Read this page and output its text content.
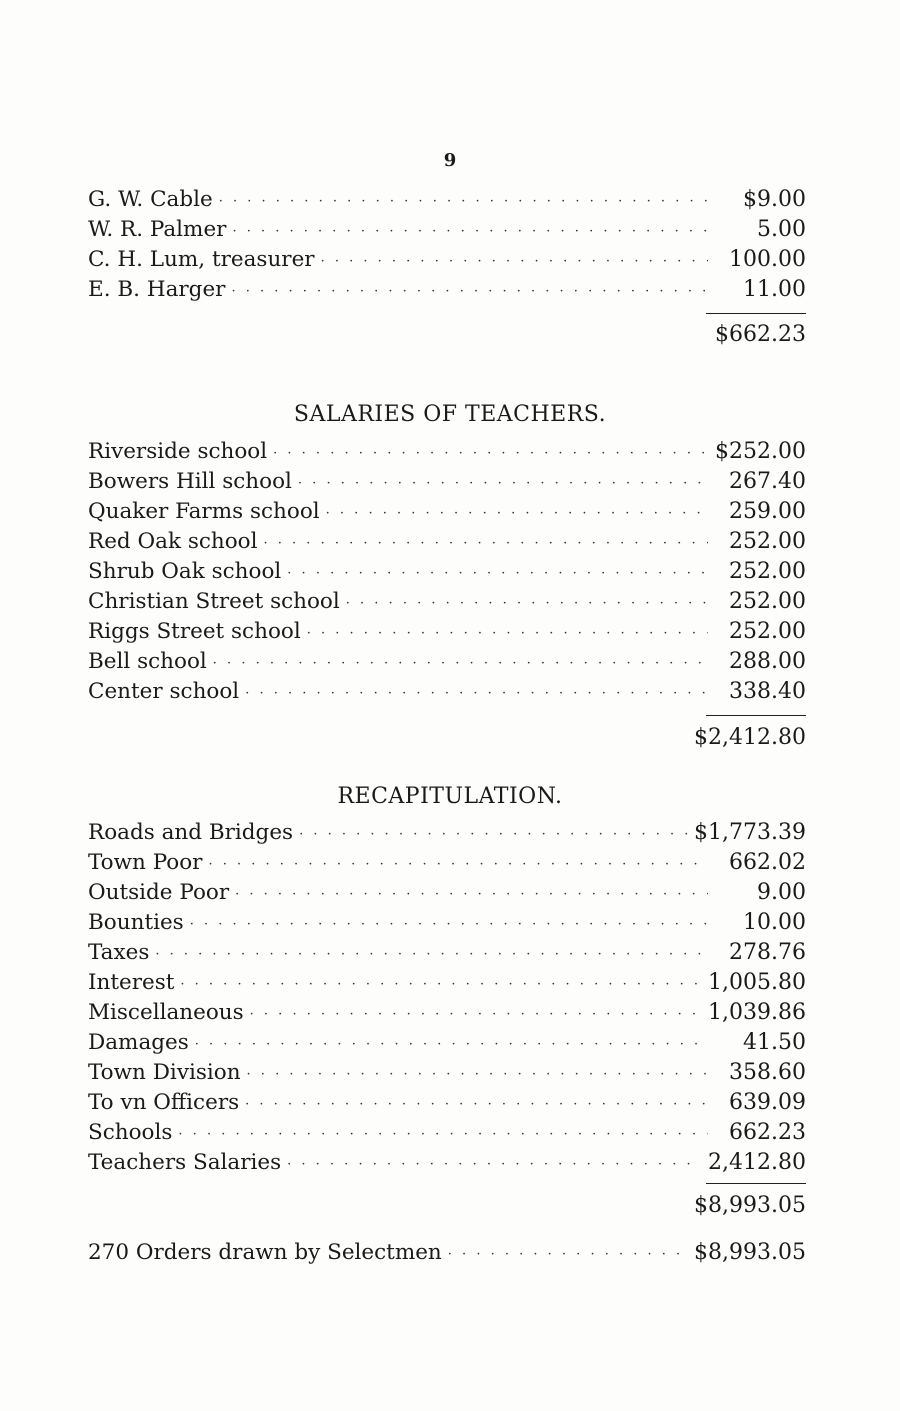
9
G. W. Cable · · ·	$9.00
W. R. Palmer · · ·	5.00
C. H. Lum, treasurer · · ·	100.00
E. B. Harger · · ·	11.00
$662.23
SALARIES OF TEACHERS.
Riverside school · · ·	$252.00
Bowers Hill school · · ·	267.40
Quaker Farms school · · ·	259.00
Red Oak school · · ·	252.00
Shrub Oak school · · ·	252.00
Christian Street school · · ·	252.00
Riggs Street school · · ·	252.00
Bell school · · ·	288.00
Center school · · ·	338.40
$2,412.80
RECAPITULATION.
Roads and Bridges · · ·	$1,773.39
Town Poor · · ·	662.02
Outside Poor · · ·	9.00
Bounties · · ·	10.00
Taxes · · ·	278.76
Interest · · ·	1,005.80
Miscellaneous · · ·	1,039.86
Damages · · ·	41.50
Town Division · · ·	358.60
To vn Officers · · ·	639.09
Schools · · ·	662.23
Teachers Salaries · · ·	2,412.80
$8,993.05
270 Orders drawn by Selectmen · · ·	$8,993.05
